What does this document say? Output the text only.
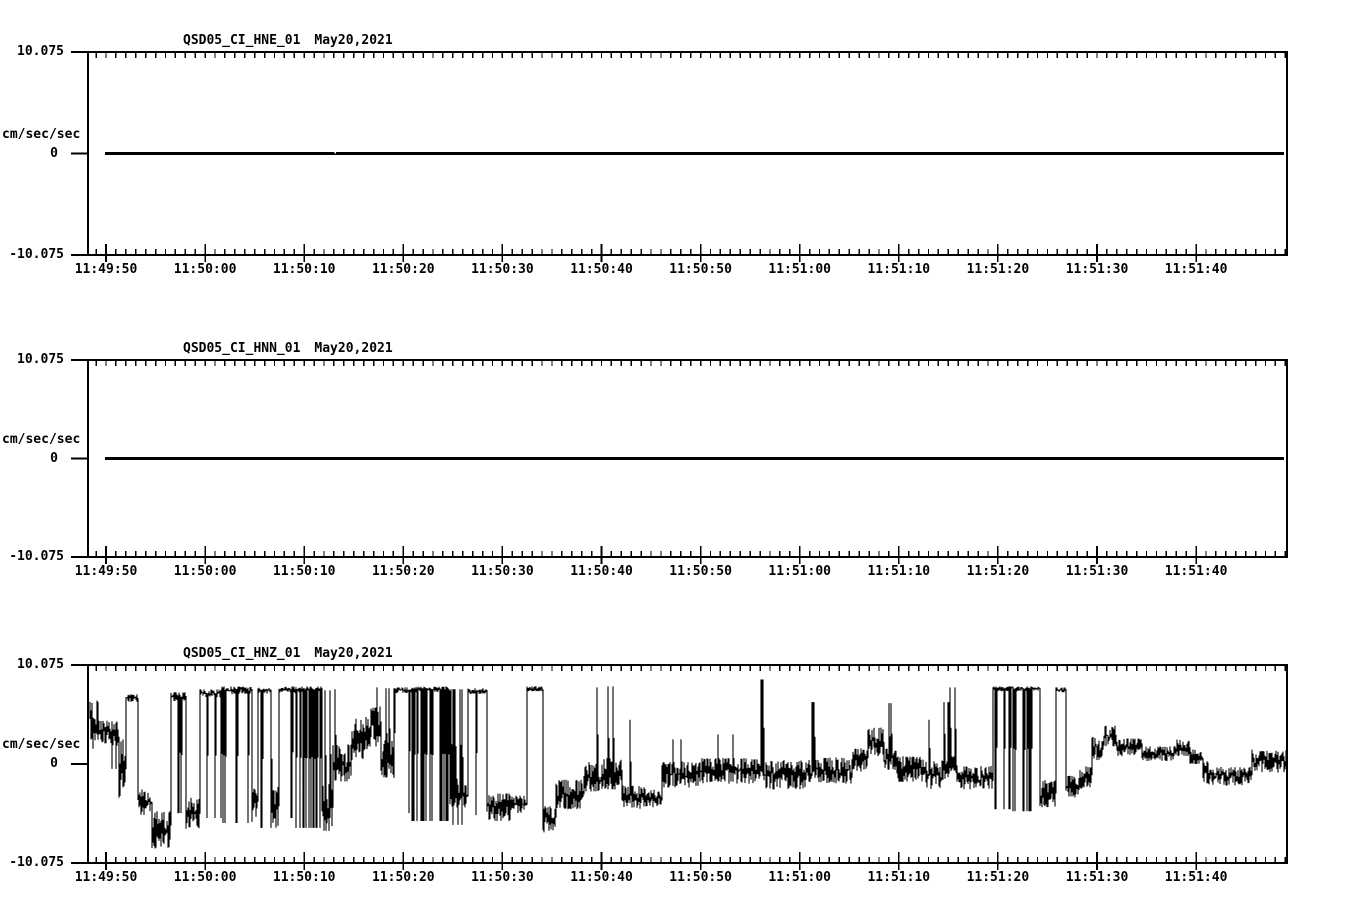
QSD05_CI_HNE_01 May20,2021
10.075
cm/sec/sec
0
-10.075
QSD05_CI_HNN_01 May20,2021
10.075
cm/sec/sec
0
-10.075
QSD05_CI_HNZ_01 May20,2021
10.075
cm/sec/sec
0
-10.075
11:49:50	11:50:00	11:50:10	11:50:20	11:50:30	11:50:40	11:50:50	11:51:00	11:51:10	11:51:20	11:51:30	11:51:40
11:49:50	11:50:00	11:50:10	11:50:20	11:50:30	11:50:40	11:50:50	11:51:00	11:51:10	11:51:20	11:51:30	11:51:40
11:49:50	11:50:00	11:50:10	11:50:20	11:50:30	11:50:40	11:50:50	11:51:00	11:51:10	11:51:20	11:51:30	11:51:40
